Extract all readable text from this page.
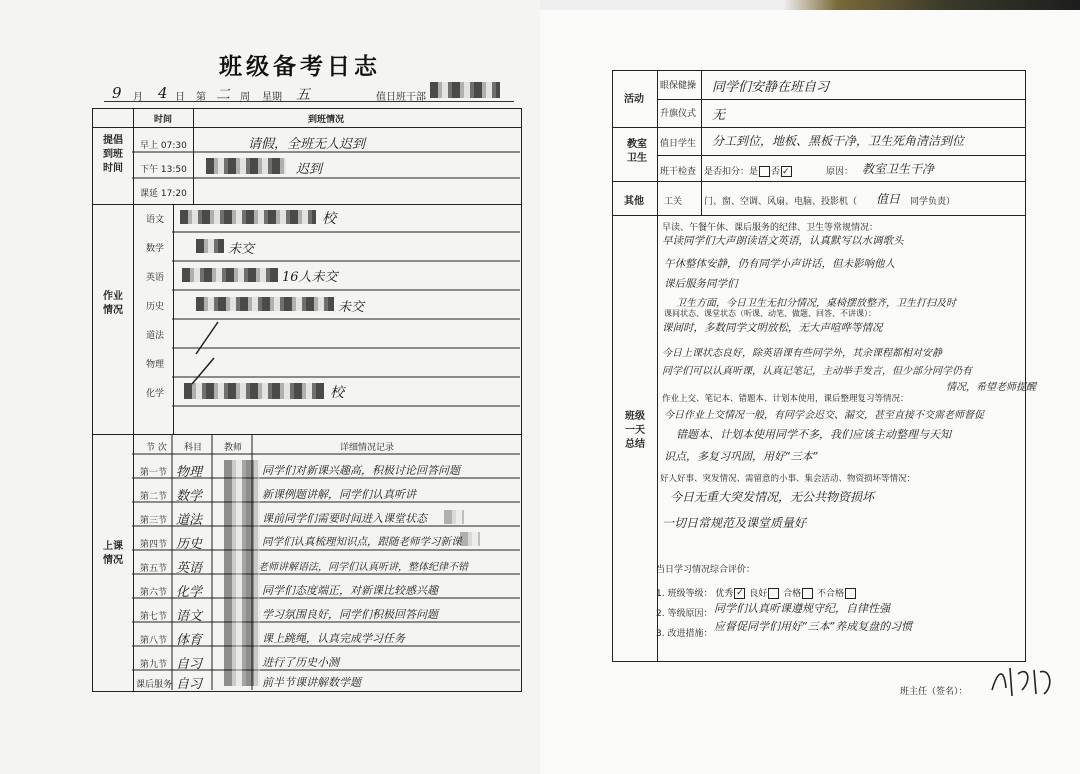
班级备考日志
9 月 4 日 第 二 周 星期 五	值日班干部
时间	到班情况
提倡
到班
时间
早上 07:30	请假，全班无人迟到
下午 13:50	迟到
课延 17:20
作业
情况
语文	校
数学	未交
英语	16人未交
历史	未交
道法
物理
化学	校
上课
情况
节 次 科目 教师	详细情况记录
第一节 物理	同学们对新课兴趣高，积极讨论回答问题
第二节 数学	新课例题讲解，同学们认真听讲
第三节 道法	课前同学们需要时间进入课堂状态
第四节 历史	同学们认真梳理知识点，跟随老师学习新课
第五节 英语	老师讲解语法，同学们认真听讲，整体纪律不错
第六节 化学	同学们态度端正，对新课比较感兴趣
第七节 语文	学习氛围良好，同学们积极回答问题
第八节 体育	课上跳绳，认真完成学习任务
第九节 自习	进行了历史小测
课后服务 自习	前半节课讲解数学题
活动
眼保健操 同学们安静在班自习
升旗仪式 无
教室
卫生
值日学生 分工到位，地板、黑板干净，卫生死角清洁到位
班干检查 是否扣分：是 否 ✓	原因： 教室卫生干净
其他 工关 门、窗、空调、风扇、电脑、投影机（ 值日 同学负责）
班级
一天
总结
早读、午餐午休、课后服务的纪律、卫生等常规情况：
早读同学们大声朗读语文英语，认真默写以水调歌头
午休整体安静，仍有同学小声讲话，但未影响他人
课后服务同学们
卫生方面，今日卫生无扣分情况，桌椅摆放整齐，卫生打扫及时
课间状态、课堂状态（听课、动笔、做题、回答、不讲课）：
课间时，多数同学文明放松，无大声喧哗等情况
今日上课状态良好，除英语课有些同学外，其余课程都相对安静
同学们可以认真听课，认真记笔记，主动举手发言，但少部分同学仍有
情况，希望老师提醒
作业上交、笔记本、错题本、计划本使用，课后整理复习等情况：
今日作业上交情况一般，有同学会迟交、漏交，甚至直接不交需老师督促
错题本、计划本使用同学不多，我们应该主动整理与天知
识点，多复习巩固，用好“三本”
好人好事、突发情况、需留意的小事、集会活动、物资损坏等情况：
今日无重大突发情况，无公共物资损坏
一切日常规范及课堂质量好
当日学习情况综合评价：
1. 班级等级： 优秀 ✓ 良好 合格 不合格
2. 等级原因： 同学们认真听课遵规守纪，自律性强
3. 改进措施：
应督促同学们用好“三本”养成复盘的习惯
班主任（签名）：
